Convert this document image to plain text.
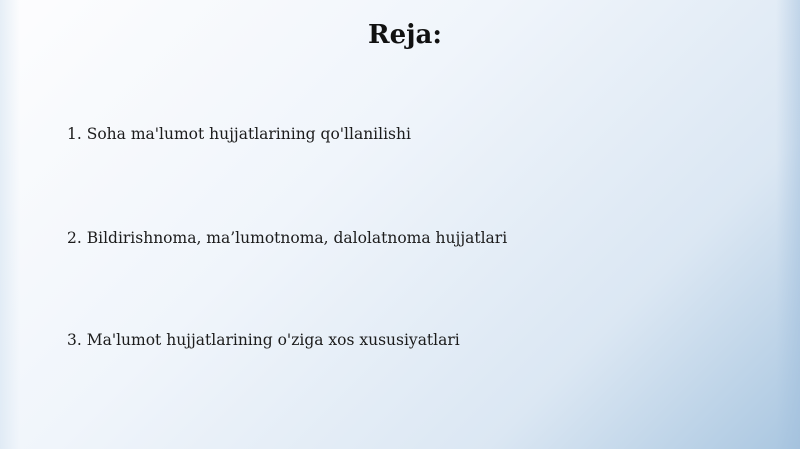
Reja:
1. Soha ma'lumot hujjatlarining qo'llanilishi
2. Bildirishnoma, ma’lumotnoma, dalolatnoma hujjatlari
3. Ma'lumot hujjatlarining o'ziga xos xususiyatlari
